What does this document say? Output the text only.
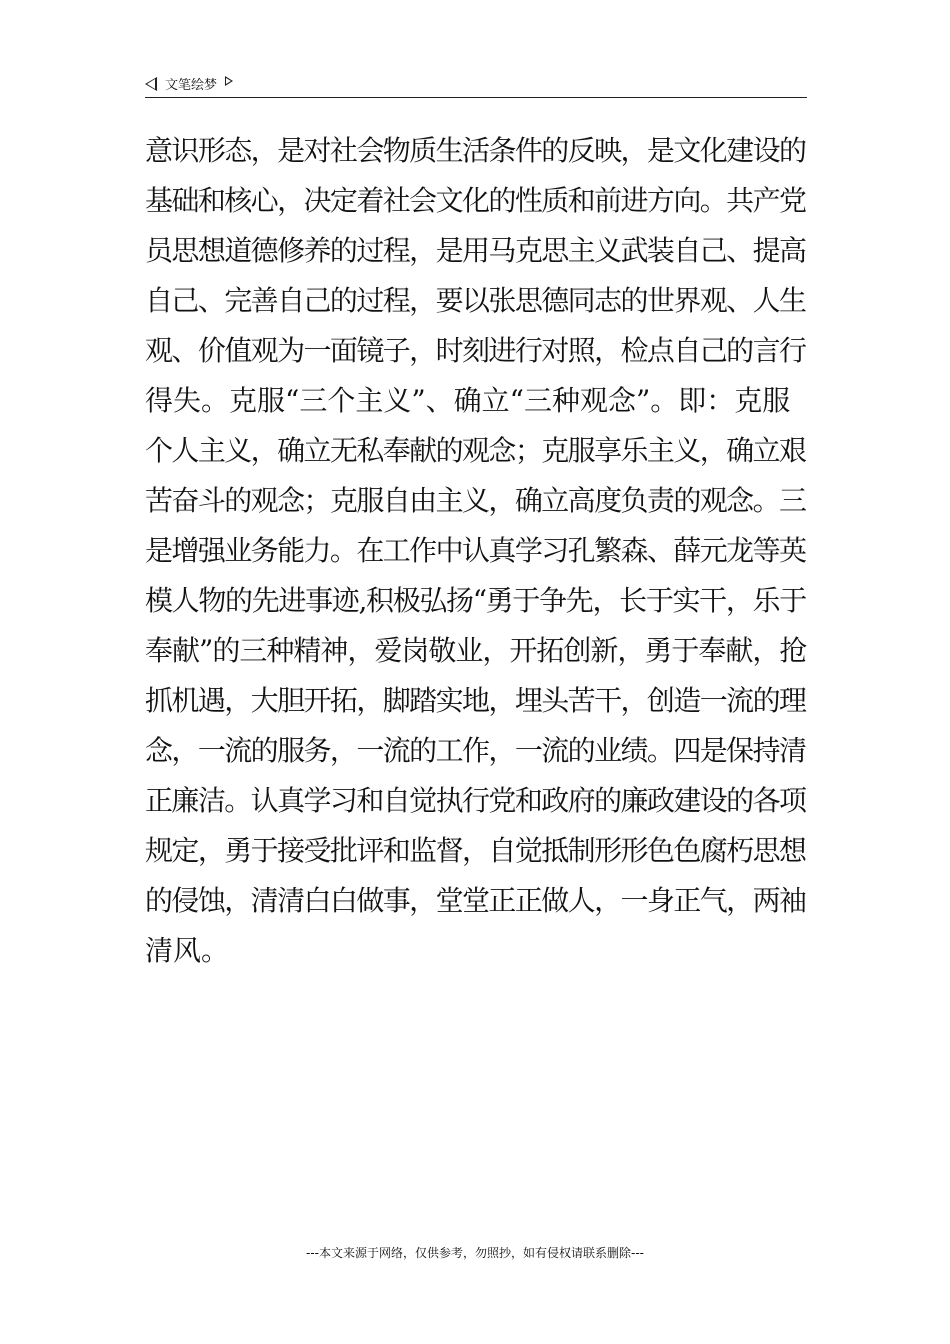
文笔绘梦
意识形态，是对社会物质生活条件的反映，是文化建设的
基础和核心，决定着社会文化的性质和前进方向。共产党
员思想道德修养的过程，是用马克思主义武装自己、提高
自己、完善自己的过程，要以张思德同志的世界观、人生
观、价值观为一面镜子，时刻进行对照，检点自己的言行
得失。克服“三个主义”、确立“三种观念”。即：克服
个人主义，确立无私奉献的观念；克服享乐主义，确立艰
苦奋斗的观念；克服自由主义，确立高度负责的观念。三
是增强业务能力。在工作中认真学习孔繁森、薛元龙等英
模人物的先进事迹,积极弘扬“勇于争先，长于实干，乐于
奉献”的三种精神，爱岗敬业，开拓创新，勇于奉献，抢
抓机遇，大胆开拓，脚踏实地，埋头苦干，创造一流的理
念，一流的服务，一流的工作，一流的业绩。四是保持清
正廉洁。认真学习和自觉执行党和政府的廉政建设的各项
规定，勇于接受批评和监督，自觉抵制形形色色腐朽思想
的侵蚀，清清白白做事，堂堂正正做人，一身正气，两袖
清风。
---本文来源于网络，仅供参考，勿照抄，如有侵权请联系删除---
